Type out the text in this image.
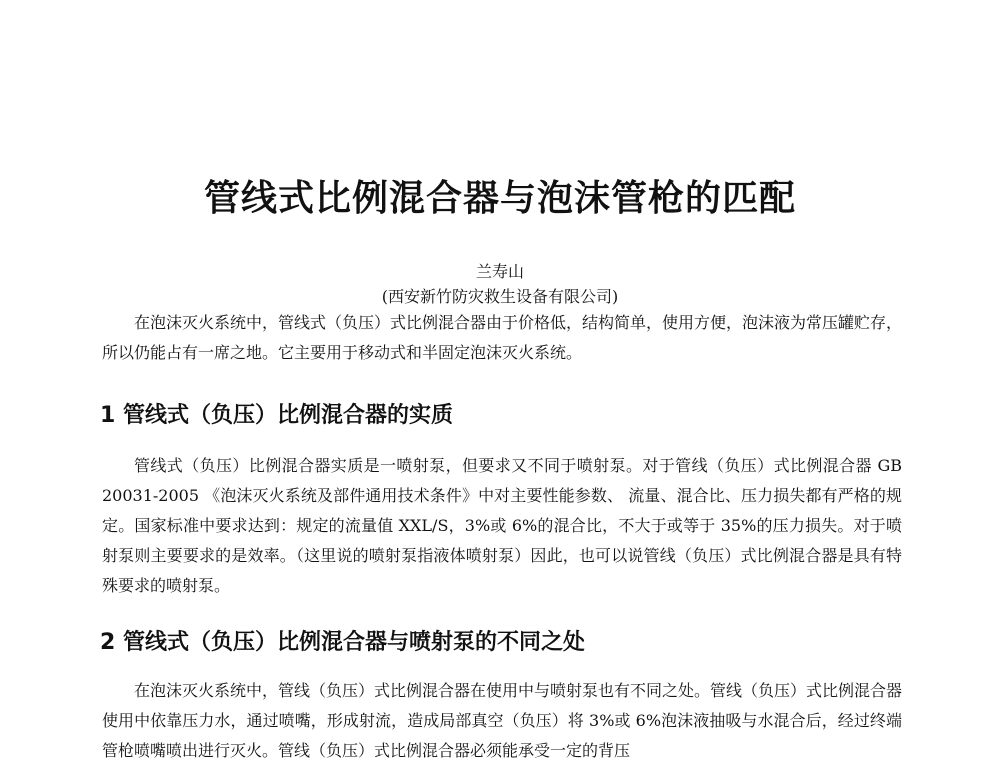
管线式比例混合器与泡沫管枪的匹配
兰寿山
(西安新竹防灾救生设备有限公司)

在泡沫灭火系统中，管线式（负压）式比例混合器由于价格低，结构简单，使用方便，泡沫液为常压罐贮存，所以仍能占有一席之地。它主要用于移动式和半固定泡沫灭火系统。

1 管线式（负压）比例混合器的实质

管线式（负压）比例混合器实质是一喷射泵，但要求又不同于喷射泵。对于管线（负压）式比例混合器 GB 20031-2005 《泡沫灭火系统及部件通用技术条件》中对主要性能参数、 流量、混合比、压力损失都有严格的规定。国家标准中要求达到：规定的流量值 XXL/S，3%或 6%的混合比，不大于或等于 35%的压力损失。对于喷射泵则主要要求的是效率。（这里说的喷射泵指液体喷射泵）因此，也可以说管线（负压）式比例混合器是具有特殊要求的喷射泵。

2 管线式（负压）比例混合器与喷射泵的不同之处

在泡沫灭火系统中，管线（负压）式比例混合器在使用中与喷射泵也有不同之处。管线（负压）式比例混合器使用中依靠压力水，通过喷嘴，形成射流，造成局部真空（负压）将 3%或 6%泡沫液抽吸与水混合后，经过终端管枪喷嘴喷出进行灭火。管线（负压）式比例混合器必须能承受一定的背压
